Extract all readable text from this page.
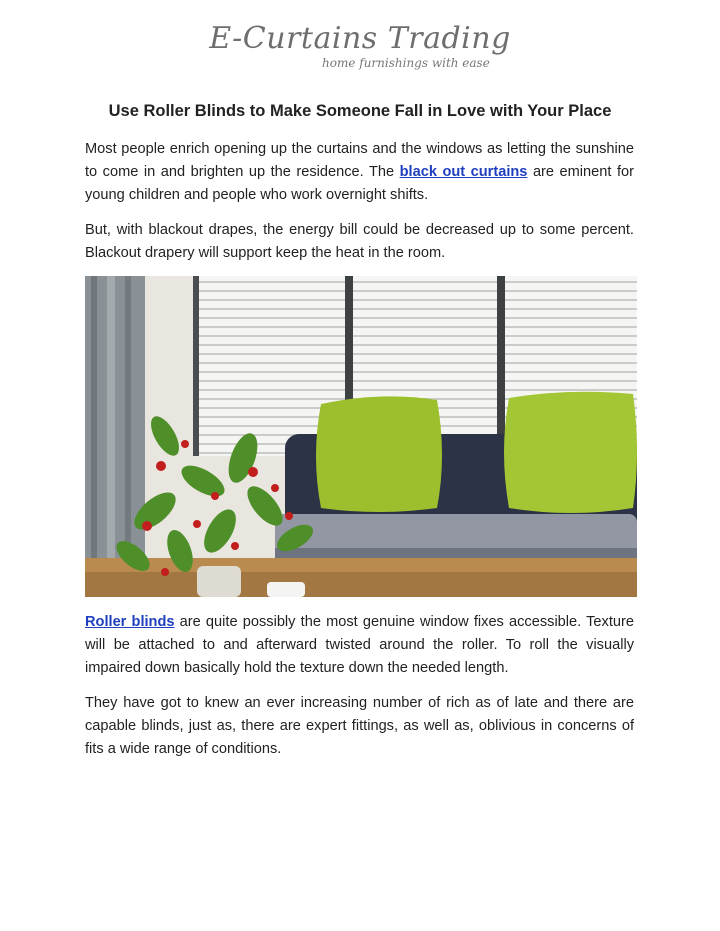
E-Curtains Trading
home furnishings with ease
Use Roller Blinds to Make Someone Fall in Love with Your Place

Most people enrich opening up the curtains and the windows as letting the sunshine to come in and brighten up the residence. The black out curtains are eminent for young children and people who work overnight shifts.

But, with blackout drapes, the energy bill could be decreased up to some percent. Blackout drapery will support keep the heat in the room.

Roller blinds are quite possibly the most genuine window fixes accessible. Texture will be attached to and afterward twisted around the roller. To roll the visually impaired down basically hold the texture down the needed length.

They have got to knew an ever increasing number of rich as of late and there are capable blinds, just as, there are expert fittings, as well as, oblivious in concerns of fits a wide range of conditions.
